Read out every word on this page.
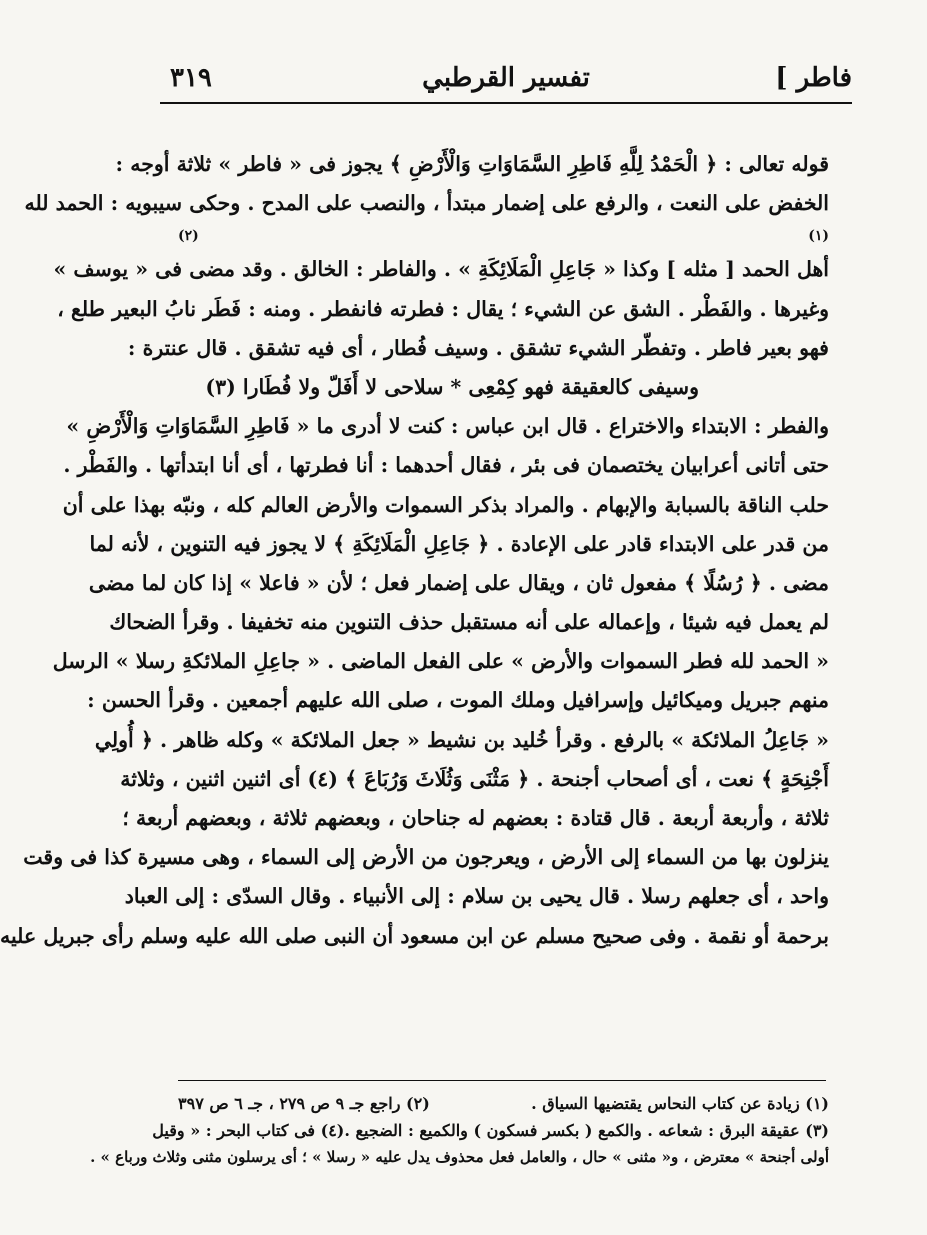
فاطر ]
تفسير القرطبي
٣١٩
قوله تعالى : ﴿ الْحَمْدُ لِلَّهِ فَاطِرِ السَّمَاوَاتِ وَالْأَرْضِ ﴾ يجوز فى « فاطر » ثلاثة أوجه :
الخفض على النعت ، والرفع على إضمار مبتدأ ، والنصب على المدح . وحكى سيبويه : الحمد لله
(١) (٢)
أهل الحمد [ مثله ] وكذا « جَاعِلِ الْمَلَائِكَةِ » . والفاطر : الخالق . وقد مضى فى « يوسف »
وغيرها . والفَطْر . الشق عن الشيء ؛ يقال : فطرته فانفطر . ومنه : فَطَر نابُ البعير طلع ،
فهو بعير فاطر . وتفطّر الشيء تشقق . وسيف فُطار ، أى فيه تشقق . قال عنترة :
وسيفى كالعقيقة فهو كِمْعِى * سلاحى لا أَفَلّ ولا فُطَارا (٣)
والفطر : الابتداء والاختراع . قال ابن عباس : كنت لا أدرى ما « فَاطِرِ السَّمَاوَاتِ وَالْأَرْضِ »
حتى أتانى أعرابيان يختصمان فى بئر ، فقال أحدهما : أنا فطرتها ، أى أنا ابتدأتها . والفَطْر .
حلب الناقة بالسبابة والإبهام . والمراد بذكر السموات والأرض العالم كله ، ونبّه بهذا على أن
من قدر على الابتداء قادر على الإعادة . ﴿ جَاعِلِ الْمَلَائِكَةِ ﴾ لا يجوز فيه التنوين ، لأنه لما
مضى . ﴿ رُسُلًا ﴾ مفعول ثان ، ويقال على إضمار فعل ؛ لأن « فاعلا » إذا كان لما مضى
لم يعمل فيه شيئا ، وإعماله على أنه مستقبل حذف التنوين منه تخفيفا . وقرأ الضحاك
« الحمد لله فطر السموات والأرض » على الفعل الماضى . « جاعِلِ الملائكةِ رسلا » الرسل
منهم جبريل وميكائيل وإسرافيل وملك الموت ، صلى الله عليهم أجمعين . وقرأ الحسن :
« جَاعِلُ الملائكة » بالرفع . وقرأ خُليد بن نشيط « جعل الملائكة » وكله ظاهر . ﴿ أُولِي
أَجْنِحَةٍ ﴾ نعت ، أى أصحاب أجنحة . ﴿ مَثْنَى وَثُلَاثَ وَرُبَاعَ ﴾ (٤) أى اثنين اثنين ، وثلاثة
ثلاثة ، وأربعة أربعة . قال قتادة : بعضهم له جناحان ، وبعضهم ثلاثة ، وبعضهم أربعة ؛
ينزلون بها من السماء إلى الأرض ، ويعرجون من الأرض إلى السماء ، وهى مسيرة كذا فى وقت
واحد ، أى جعلهم رسلا . قال يحيى بن سلام : إلى الأنبياء . وقال السدّى : إلى العباد
برحمة أو نقمة . وفى صحيح مسلم عن ابن مسعود أن النبى صلى الله عليه وسلم رأى جبريل عليه
(١) زيادة عن كتاب النحاس يقتضيها السياق .
(٢) راجع جـ ٩ ص ٢٧٩ ، جـ ٦ ص ٣٩٧
(٣) عقيقة البرق : شعاعه . والكمع ( بكسر فسكون ) والكميع : الضجيع .
(٤) فى كتاب البحر : « وقيل
أولى أجنحة » معترض ، و« مثنى » حال ، والعامل فعل محذوف يدل عليه « رسلا » ؛ أى يرسلون مثنى وثلاث ورباع » .
